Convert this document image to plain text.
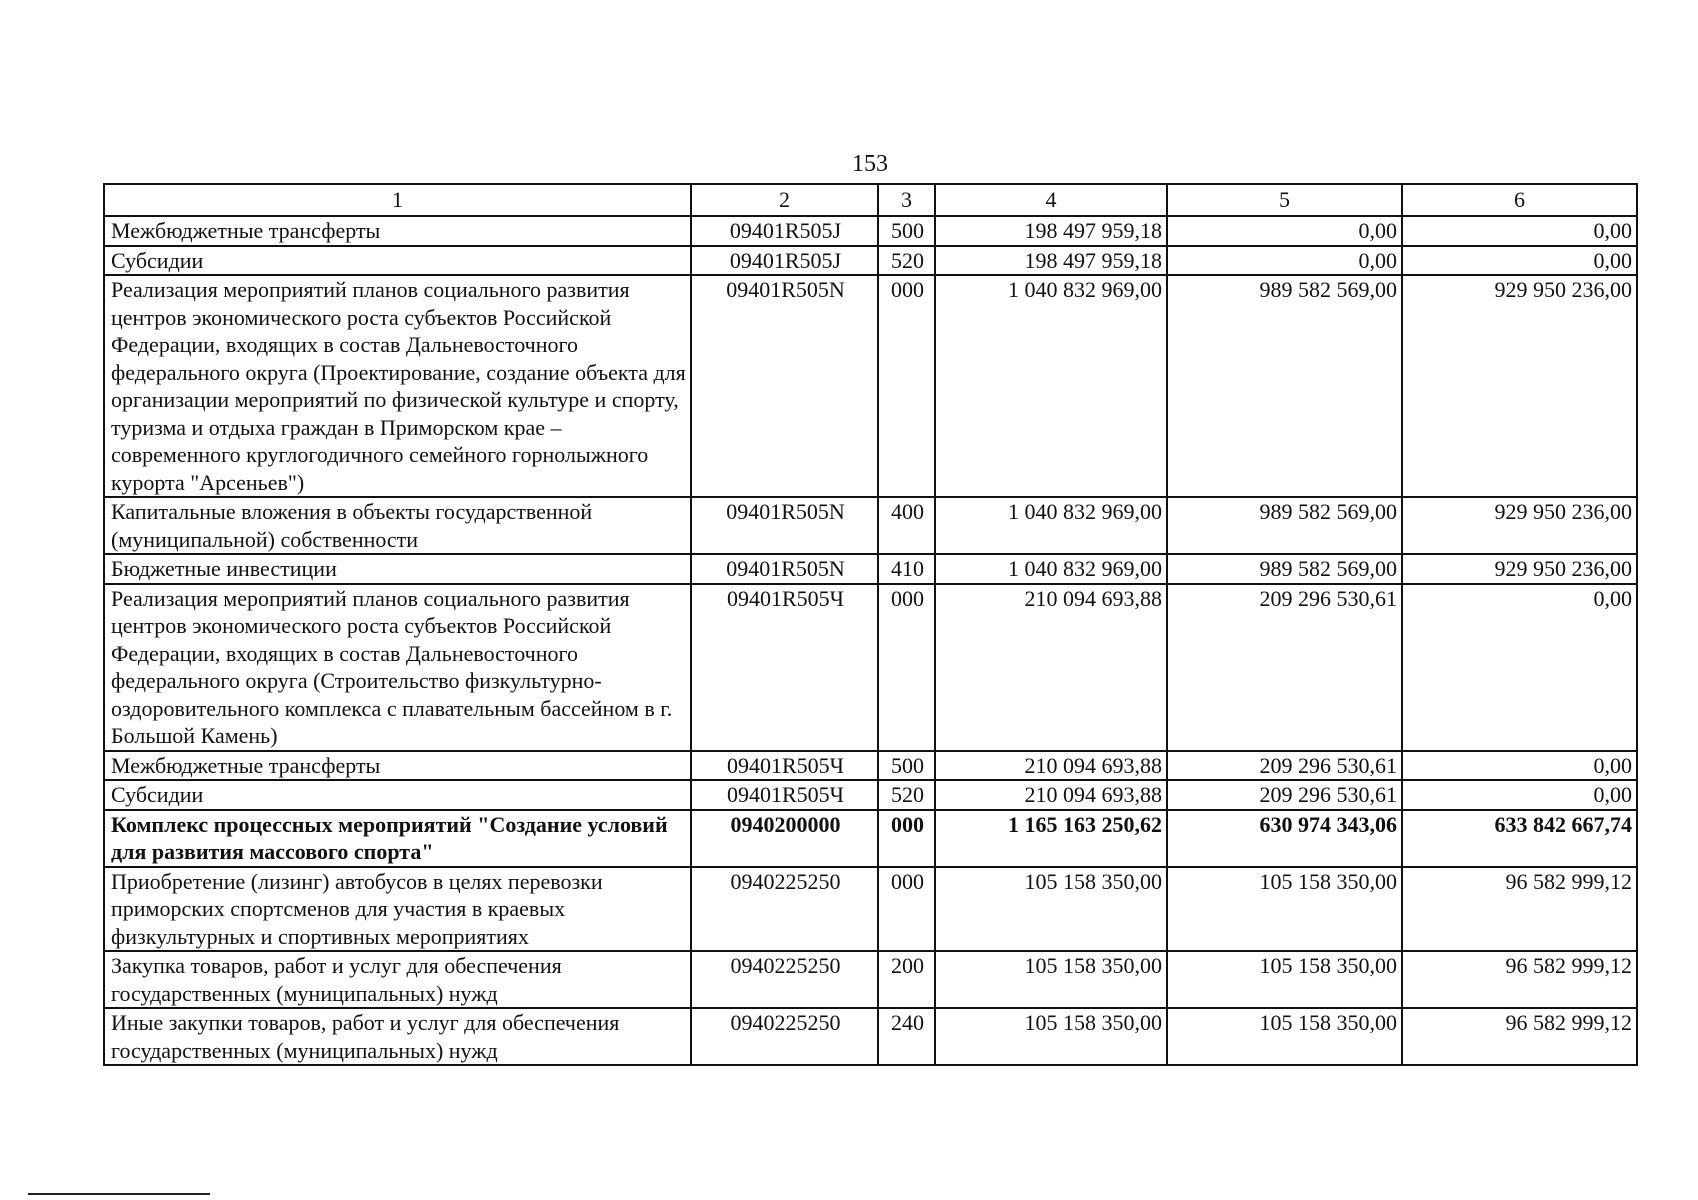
153
1	2	3	4	5	6
Межбюджетные трансферты	09401R505J	500	198 497 959,18	0,00	0,00
Субсидии	09401R505J	520	198 497 959,18	0,00	0,00
Реализация мероприятий планов социального развития центров экономического роста субъектов Российской Федерации, входящих в состав Дальневосточного федерального округа (Проектирование, создание объекта для организации мероприятий по физической культуре и спорту, туризма и отдыха граждан в Приморском крае – современного круглогодичного семейного горнолыжного курорта "Арсеньев")	09401R505N	000	1 040 832 969,00	989 582 569,00	929 950 236,00
Капитальные вложения в объекты государственной (муниципальной) собственности	09401R505N	400	1 040 832 969,00	989 582 569,00	929 950 236,00
Бюджетные инвестиции	09401R505N	410	1 040 832 969,00	989 582 569,00	929 950 236,00
Реализация мероприятий планов социального развития центров экономического роста субъектов Российской Федерации, входящих в состав Дальневосточного федерального округа (Строительство физкультурно-оздоровительного комплекса с плавательным бассейном в г. Большой Камень)	09401R505Ч	000	210 094 693,88	209 296 530,61	0,00
Межбюджетные трансферты	09401R505Ч	500	210 094 693,88	209 296 530,61	0,00
Субсидии	09401R505Ч	520	210 094 693,88	209 296 530,61	0,00
Комплекс процессных мероприятий "Создание условий для развития массового спорта"	0940200000	000	1 165 163 250,62	630 974 343,06	633 842 667,74
Приобретение (лизинг) автобусов в целях перевозки приморских спортсменов для участия в краевых физкультурных и спортивных мероприятиях	0940225250	000	105 158 350,00	105 158 350,00	96 582 999,12
Закупка товаров, работ и услуг для обеспечения государственных (муниципальных) нужд	0940225250	200	105 158 350,00	105 158 350,00	96 582 999,12
Иные закупки товаров, работ и услуг для обеспечения государственных (муниципальных) нужд	0940225250	240	105 158 350,00	105 158 350,00	96 582 999,12
